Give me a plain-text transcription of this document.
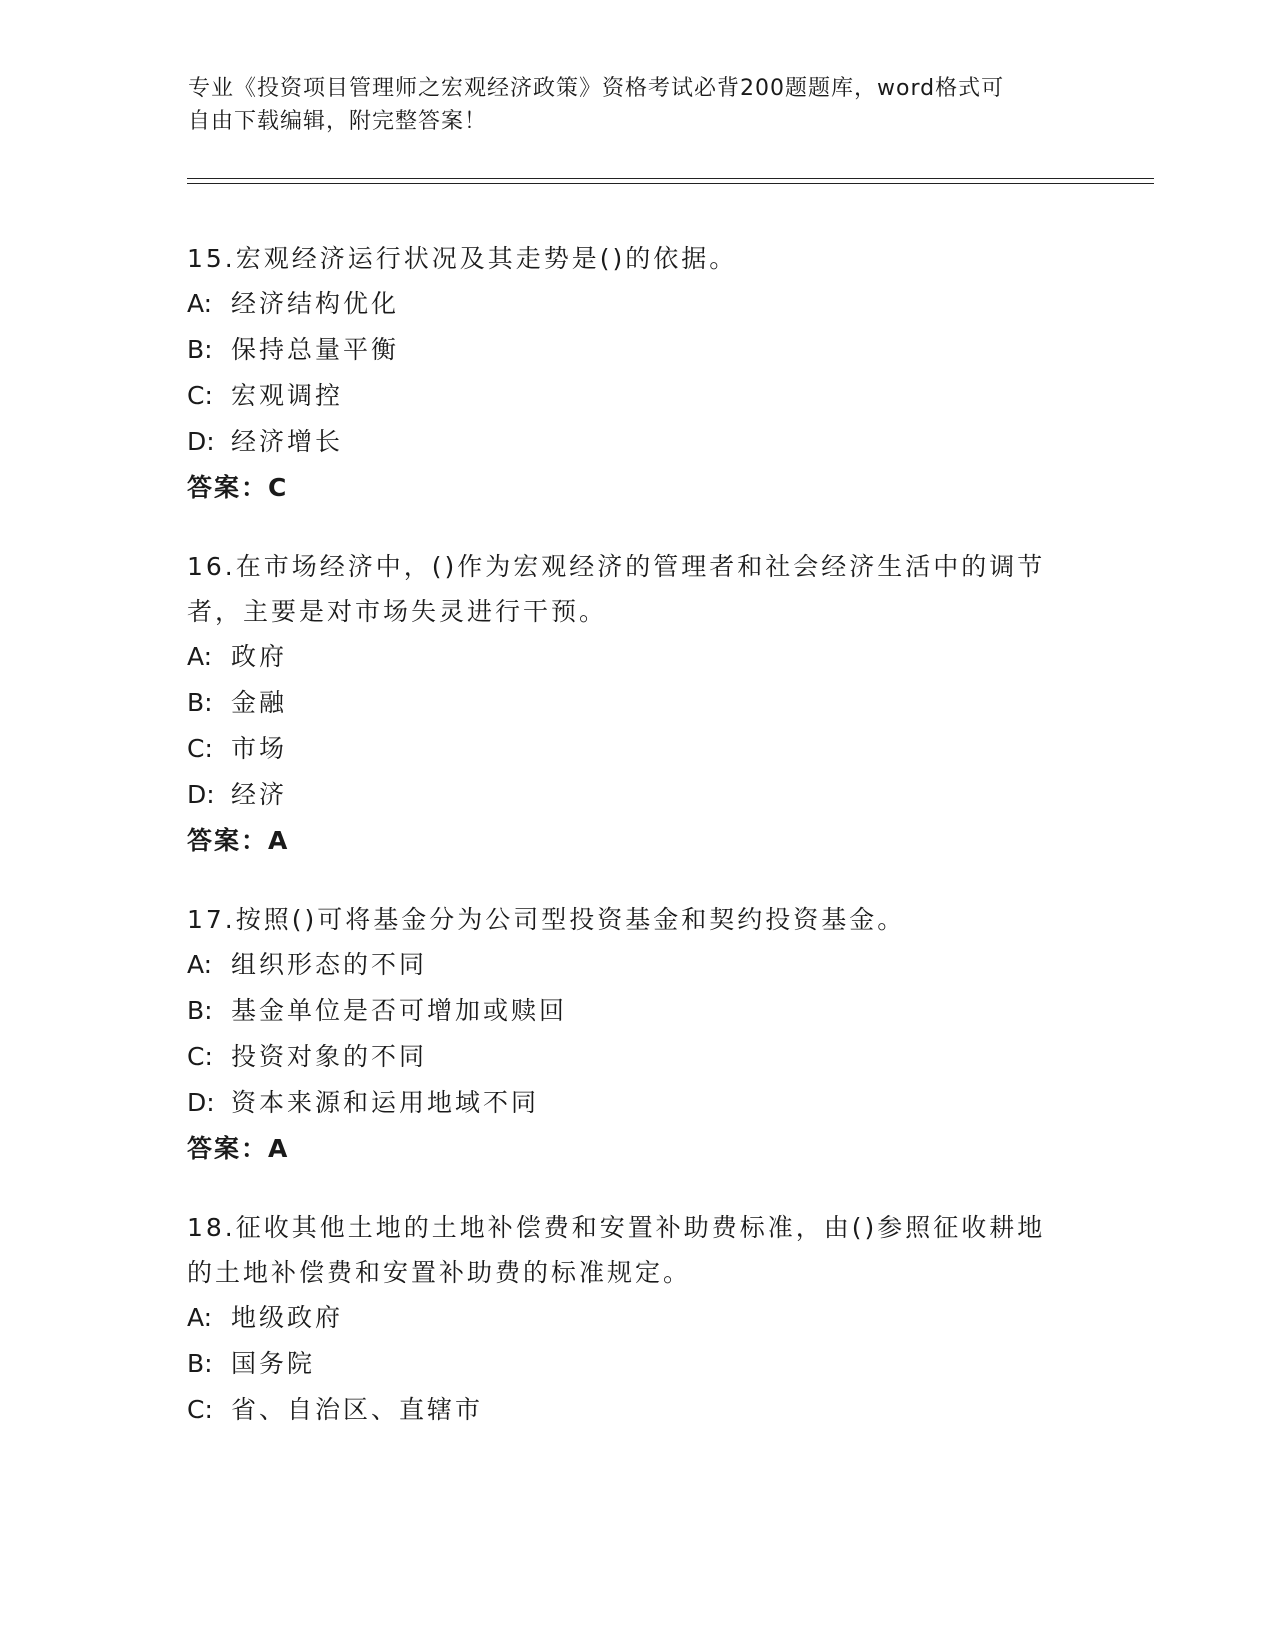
专业《投资项目管理师之宏观经济政策》资格考试必背200题题库，word格式可
自由下载编辑，附完整答案！

15.宏观经济运行状况及其走势是()的依据。

A: 经济结构优化

B: 保持总量平衡

C: 宏观调控

D: 经济增长

答案：C

16.在市场经济中，()作为宏观经济的管理者和社会经济生活中的调节

者，主要是对市场失灵进行干预。

A: 政府

B: 金融

C: 市场

D: 经济

答案：A

17.按照()可将基金分为公司型投资基金和契约投资基金。

A: 组织形态的不同

B: 基金单位是否可增加或赎回

C: 投资对象的不同

D: 资本来源和运用地域不同

答案：A

18.征收其他土地的土地补偿费和安置补助费标准，由()参照征收耕地

的土地补偿费和安置补助费的标准规定。

A: 地级政府

B: 国务院

C: 省、自治区、直辖市
